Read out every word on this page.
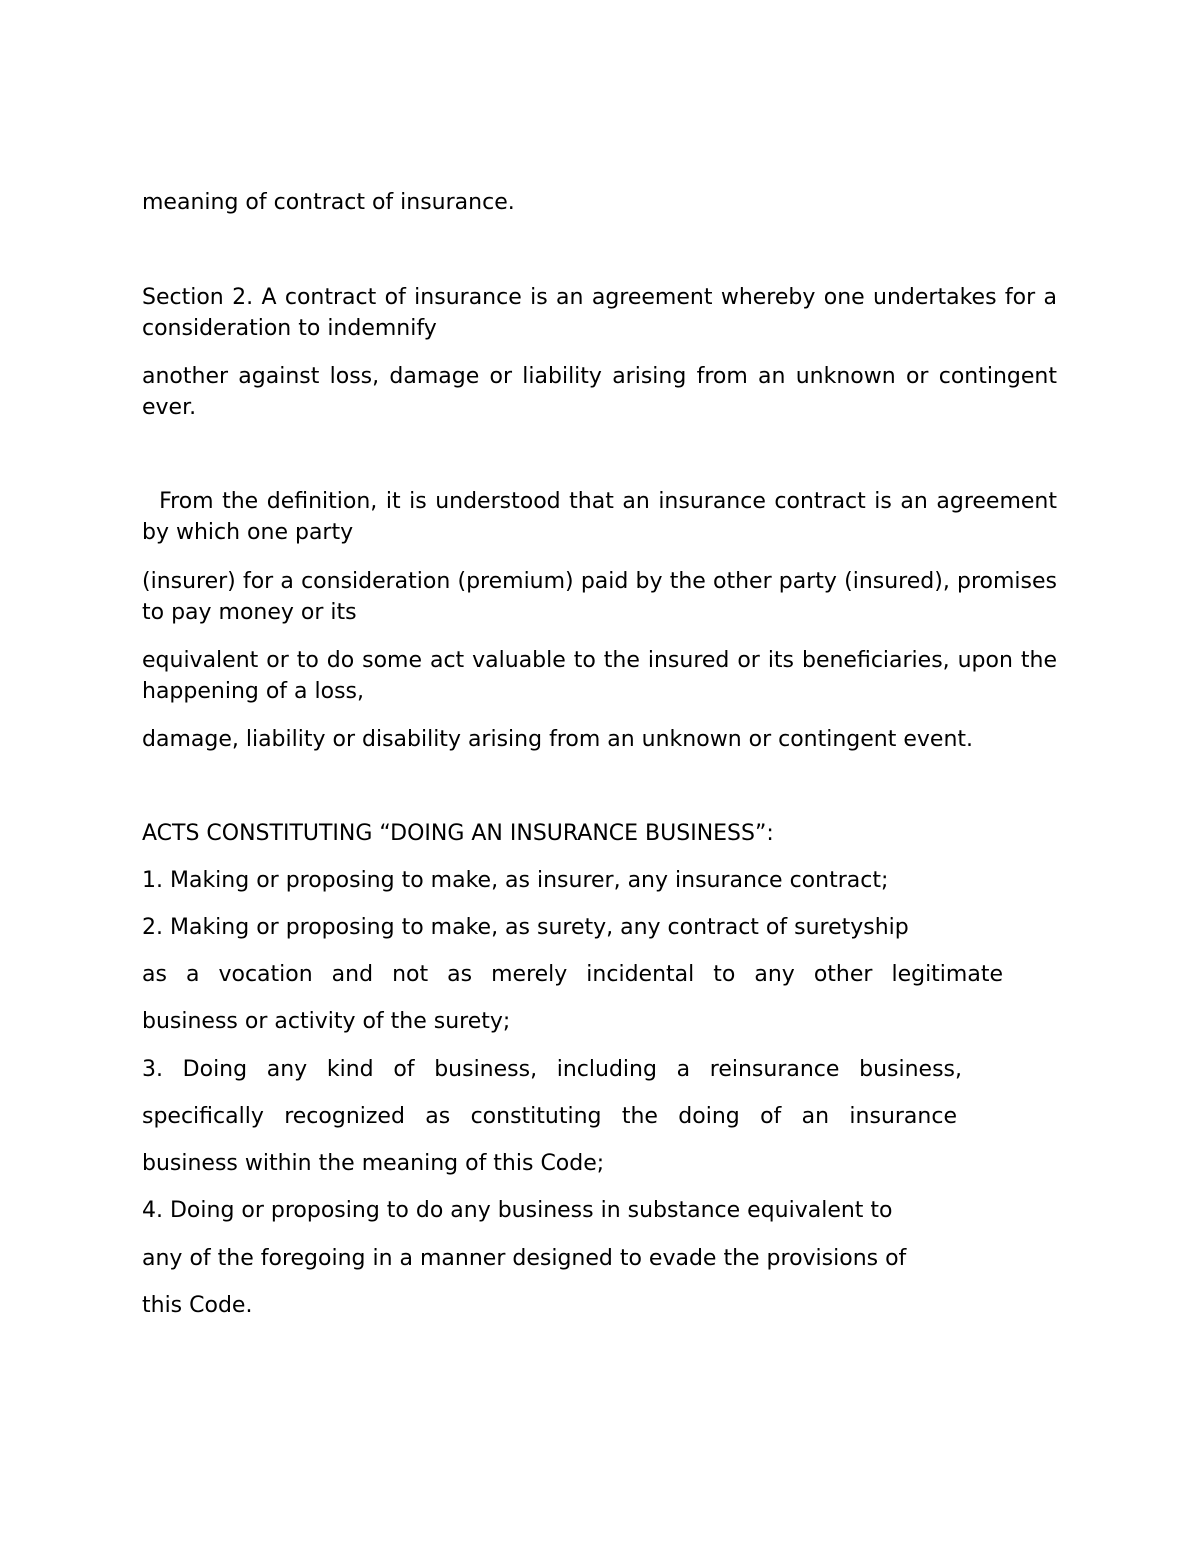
meaning of contract of insurance.

Section 2. A contract of insurance is an agreement whereby one undertakes for a consideration to indemnify

another against loss, damage or liability arising from an unknown or contingent ever.

From the definition, it is understood that an insurance contract is an agreement by which one party

(insurer) for a consideration (premium) paid by the other party (insured), promises to pay money or its

equivalent or to do some act valuable to the insured or its beneficiaries, upon the happening of a loss,

damage, liability or disability arising from an unknown or contingent event.

ACTS CONSTITUTING “DOING AN INSURANCE BUSINESS”:

1. Making or proposing to make, as insurer, any insurance contract;

2. Making or proposing to make, as surety, any contract of suretyship

as a vocation and not as merely incidental to any other legitimate

business or activity of the surety;

3. Doing any kind of business, including a reinsurance business,

specifically recognized as constituting the doing of an insurance

business within the meaning of this Code;

4. Doing or proposing to do any business in substance equivalent to

any of the foregoing in a manner designed to evade the provisions of

this Code.
